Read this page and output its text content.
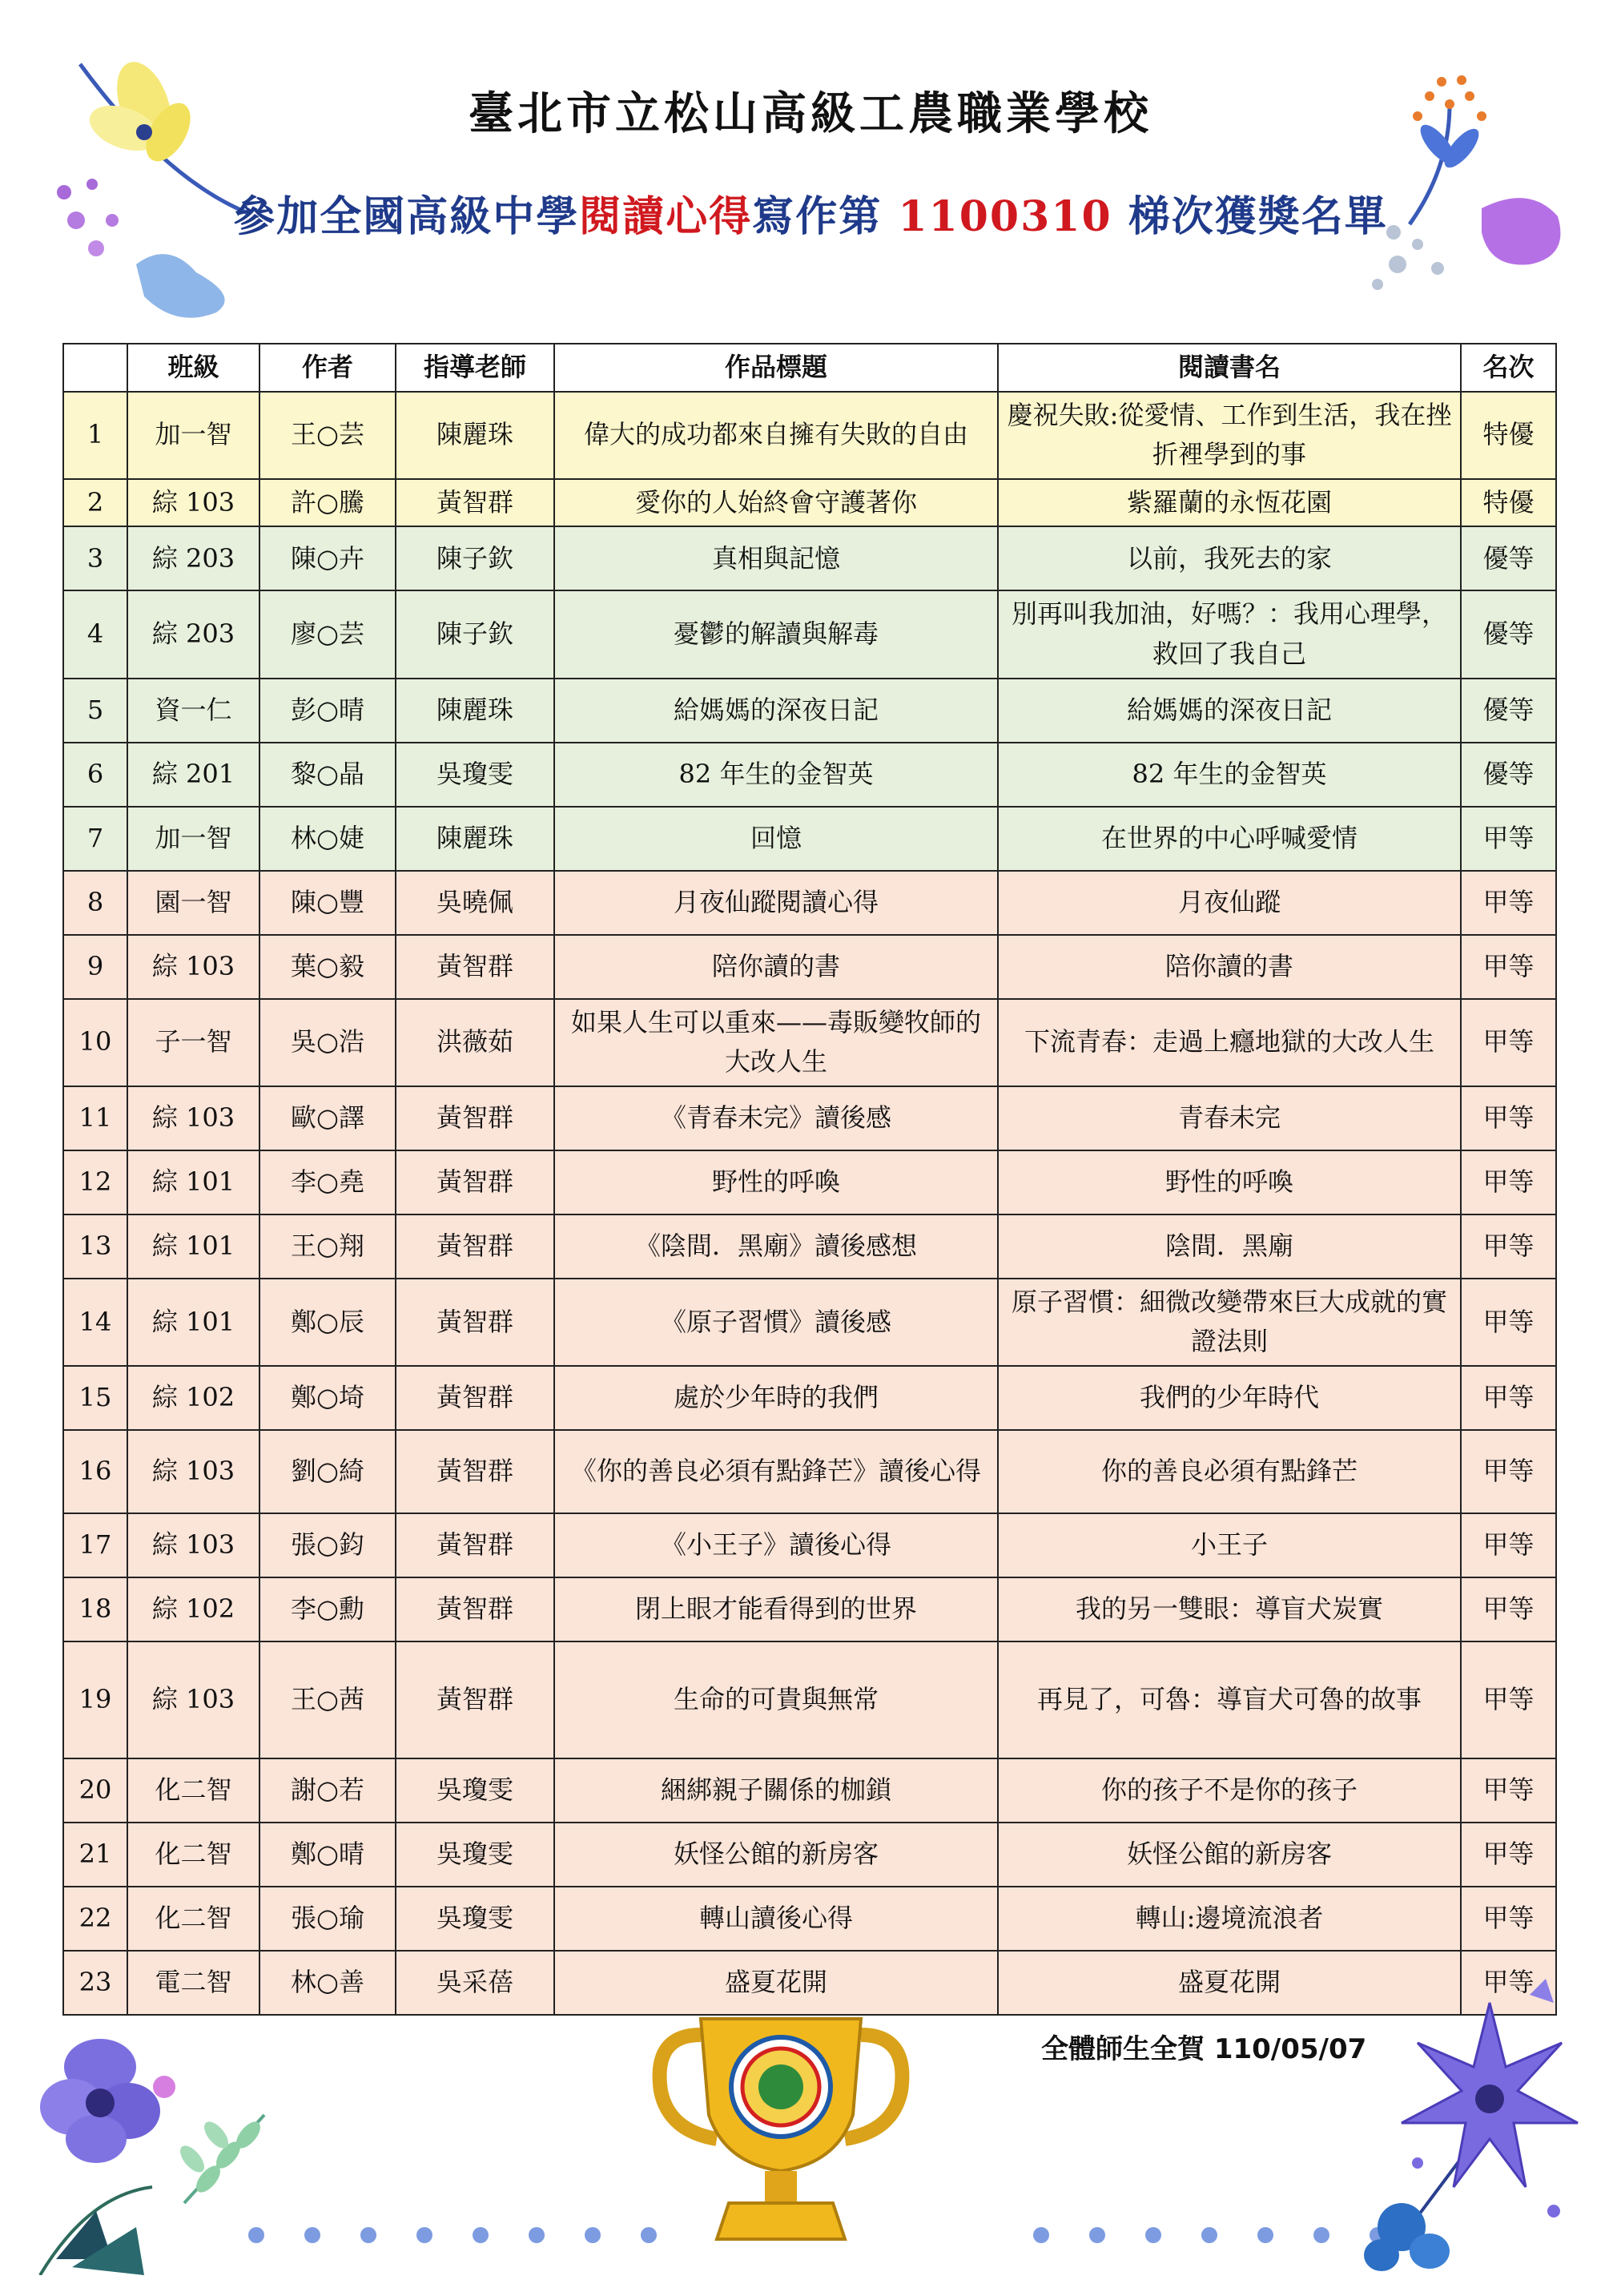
臺北市立松山高級工農職業學校
參加全國高級中學閱讀心得寫作第 1100310 梯次獲獎名單
	班級	作者	指導老師	作品標題	閱讀書名	名次
1	加一智	王○芸	陳麗珠	偉大的成功都來自擁有失敗的自由	慶祝失敗:從愛情、工作到生活，我在挫折裡學到的事	特優
2	綜 103	許○騰	黃智群	愛你的人始終會守護著你	紫羅蘭的永恆花園	特優
3	綜 203	陳○卉	陳子欽	真相與記憶	以前，我死去的家	優等
4	綜 203	廖○芸	陳子欽	憂鬱的解讀與解毒	別再叫我加油，好嗎？：我用心理學，救回了我自己	優等
5	資一仁	彭○晴	陳麗珠	給媽媽的深夜日記	給媽媽的深夜日記	優等
6	綜 201	黎○晶	吳瓊雯	82 年生的金智英	82 年生的金智英	優等
7	加一智	林○婕	陳麗珠	回憶	在世界的中心呼喊愛情	甲等
8	園一智	陳○豐	吳曉佩	月夜仙蹤閱讀心得	月夜仙蹤	甲等
9	綜 103	葉○毅	黃智群	陪你讀的書	陪你讀的書	甲等
10	子一智	吳○浩	洪薇茹	如果人生可以重來——毒販變牧師的大改人生	下流青春：走過上癮地獄的大改人生	甲等
11	綜 103	歐○譯	黃智群	《青春未完》讀後感	青春未完	甲等
12	綜 101	李○堯	黃智群	野性的呼喚	野性的呼喚	甲等
13	綜 101	王○翔	黃智群	《陰間．黑廟》讀後感想	陰間．黑廟	甲等
14	綜 101	鄭○辰	黃智群	《原子習慣》讀後感	原子習慣：細微改變帶來巨大成就的實證法則	甲等
15	綜 102	鄭○埼	黃智群	處於少年時的我們	我們的少年時代	甲等
16	綜 103	劉○綺	黃智群	《你的善良必須有點鋒芒》讀後心得	你的善良必須有點鋒芒	甲等
17	綜 103	張○鈞	黃智群	《小王子》讀後心得	小王子	甲等
18	綜 102	李○勳	黃智群	閉上眼才能看得到的世界	我的另一雙眼：導盲犬炭實	甲等
19	綜 103	王○茜	黃智群	生命的可貴與無常	再見了，可魯：導盲犬可魯的故事	甲等
20	化二智	謝○若	吳瓊雯	綑綁親子關係的枷鎖	你的孩子不是你的孩子	甲等
21	化二智	鄭○晴	吳瓊雯	妖怪公館的新房客	妖怪公館的新房客	甲等
22	化二智	張○瑜	吳瓊雯	轉山讀後心得	轉山:邊境流浪者	甲等
23	電二智	林○善	吳采蓓	盛夏花開	盛夏花開	甲等
全體師生全賀 110/05/07
